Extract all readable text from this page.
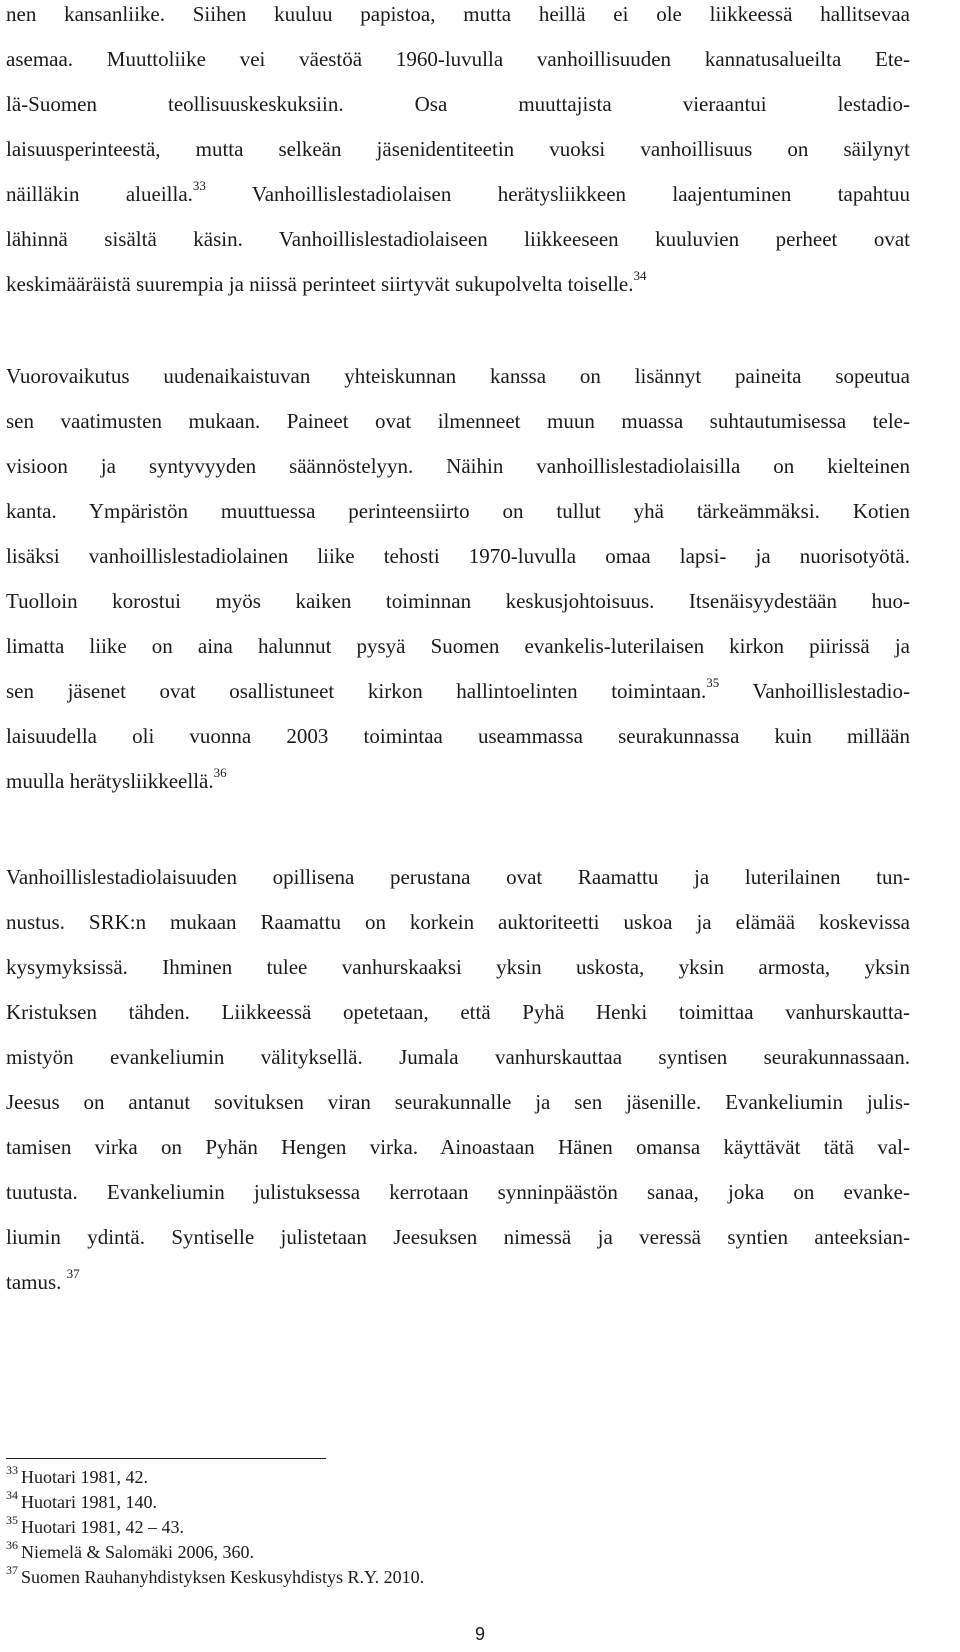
nen kansanliike. Siihen kuuluu papistoa, mutta heillä ei ole liikkeessä hallitsevaa
asemaa. Muuttoliike vei väestöä 1960-luvulla vanhoillisuuden kannatusalueilta Ete-
lä-Suomen teollisuuskeskuksiin. Osa muuttajista vieraantui lestadio-
laisuusperinteestä, mutta selkeän jäsenidentiteetin vuoksi vanhoillisuus on säilynyt
näilläkin alueilla.$^{33}$ Vanhoillislestadiolaisen herätysliikkeen laajentuminen tapahtuu
lähinnä sisältä käsin. Vanhoillislestadiolaiseen liikkeeseen kuuluvien perheet ovat
keskimääräistä suurempia ja niissä perinteet siirtyvät sukupolvelta toiselle.$^{34}$
Vuorovaikutus uudenaikaistuvan yhteiskunnan kanssa on lisännyt paineita sopeutua
sen vaatimusten mukaan. Paineet ovat ilmenneet muun muassa suhtautumisessa tele-
visioon ja syntyvyyden säännöstelyyn. Näihin vanhoillislestadiolaisilla on kielteinen
kanta. Ympäristön muuttuessa perinteensiirto on tullut yhä tärkeämmäksi. Kotien
lisäksi vanhoillislestadiolainen liike tehosti 1970-luvulla omaa lapsi- ja nuorisotyötä.
Tuolloin korostui myös kaiken toiminnan keskusjohtoisuus. Itsenäisyydestään huo-
limatta liike on aina halunnut pysyä Suomen evankelis-luterilaisen kirkon piirissä ja
sen jäsenet ovat osallistuneet kirkon hallintoelinten toimintaan.$^{35}$ Vanhoillislestadio-
laisuudella oli vuonna 2003 toimintaa useammassa seurakunnassa kuin millään
muulla herätysliikkeellä.$^{36}$
Vanhoillislestadiolaisuuden opillisena perustana ovat Raamattu ja luterilainen tun-
nustus. SRK:n mukaan Raamattu on korkein auktoriteetti uskoa ja elämää koskevissa
kysymyksissä. Ihminen tulee vanhurskaaksi yksin uskosta, yksin armosta, yksin
Kristuksen tähden. Liikkeessä opetetaan, että Pyhä Henki toimittaa vanhurskautta-
mistyön evankeliumin välityksellä. Jumala vanhurskauttaa syntisen seurakunnassaan.
Jeesus on antanut sovituksen viran seurakunnalle ja sen jäsenille. Evankeliumin julis-
tamisen virka on Pyhän Hengen virka. Ainoastaan Hänen omansa käyttävät tätä val-
tuutusta. Evankeliumin julistuksessa kerrotaan synninpäästön sanaa, joka on evanke-
liumin ydintä. Syntiselle julistetaan Jeesuksen nimessä ja veressä syntien anteeksian-
tamus. $^{37}$
$^{33}$ Huotari 1981, 42.
$^{34}$ Huotari 1981, 140.
$^{35}$ Huotari 1981, 42 – 43.
$^{36}$ Niemelä & Salomäki 2006, 360.
$^{37}$ Suomen Rauhanyhdistyksen Keskusyhdistys R.Y. 2010.
9
